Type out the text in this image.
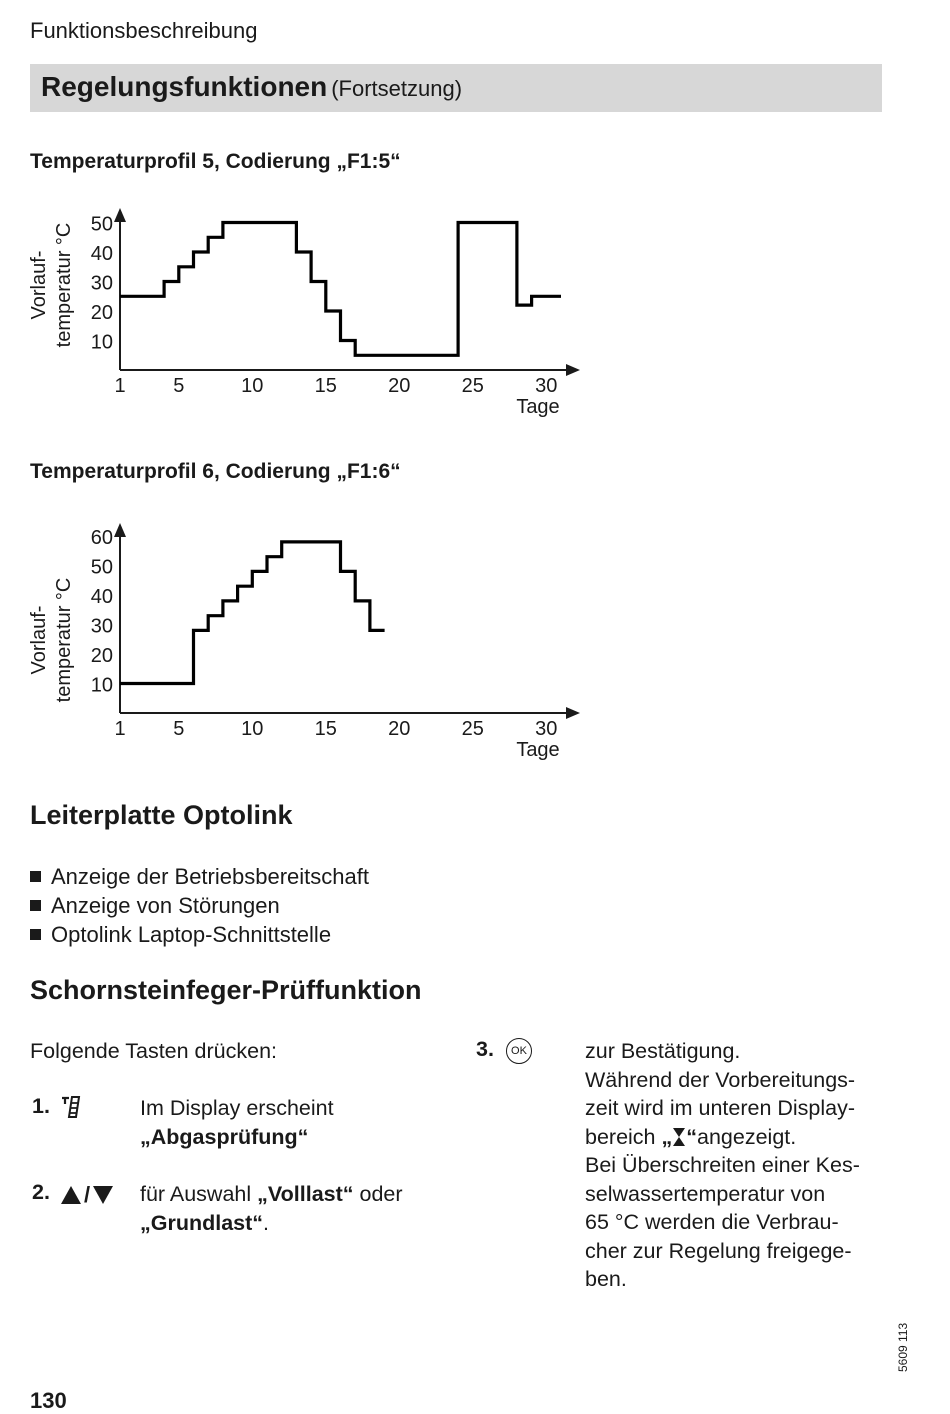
Funktionsbeschreibung
Regelungsfunktionen (Fortsetzung)
Temperaturprofil 5, Codierung „F1:5“
1 5	10	15	20	25	30
Tage
10
20
30
40
50
Vorlauf- temperatur °C
Temperaturprofil 6, Codierung „F1:6“
1 5	10	15	20	25	30
Tage
10
20
30
40
50
60
Vorlauf- temperatur °C
Leiterplatte Optolink
Anzeige der Betriebsbereitschaft
Anzeige von Störungen
Optolink Laptop-Schnittstelle
Schornsteinfeger-Prüffunktion
Folgende Tasten drücken:
1.	Im Display erscheint
„Abgasprüfung“
2. / für Auswahl „Volllast“ oder
„Grundlast“.
3.	OK	zur Bestätigung.
Während der Vorbereitungs-
zeit wird im unteren Display-
bereich „ “angezeigt.
Bei Überschreiten einer Kes-
selwassertemperatur von
65 °C werden die Verbrau-
cher zur Regelung freigege-
ben.
5609 113
130
